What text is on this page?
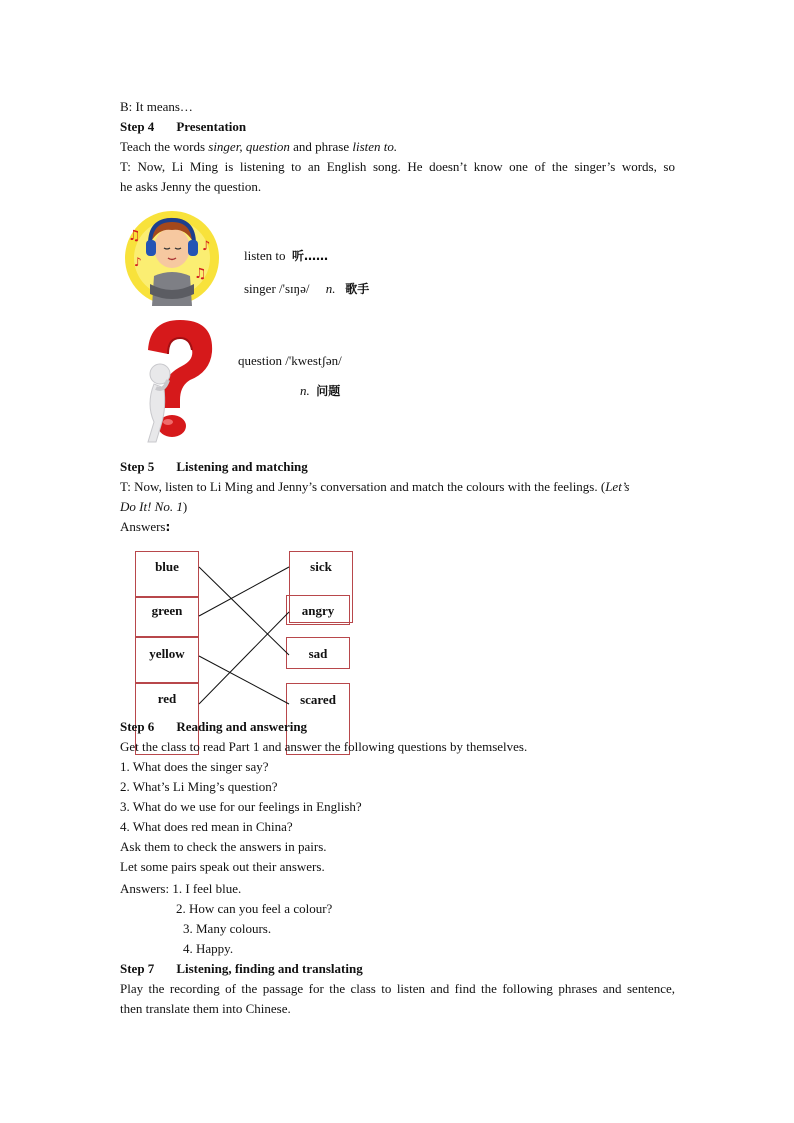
B: It means…
Step 4 Presentation
Teach the words singer, question and phrase listen to.
T: Now, Li Ming is listening to an English song. He doesn’t know one of the singer’s words, so
he asks Jenny the question.
♫
♪
♪
♫
listen to 听……
singer /'sɪŋə/ n. 歌手
question /'kwestʃən/
n. 问题
Step 5 Listening and matching
T: Now, listen to Li Ming and Jenny’s conversation and match the colours with the feelings. (Let’s
Do It! No. 1)
Answers:
blue
green
yellow
red
sick
angry
sad
scared
Step 6 Reading and answering
Get the class to read Part 1 and answer the following questions by themselves.
1. What does the singer say?
2. What’s Li Ming’s question?
3. What do we use for our feelings in English?
4. What does red mean in China?
Ask them to check the answers in pairs.
Let some pairs speak out their answers.
Answers: 1. I feel blue.
2. How can you feel a colour?
3. Many colours.
4. Happy.
Step 7 Listening, finding and translating
Play the recording of the passage for the class to listen and find the following phrases and sentence,
then translate them into Chinese.
